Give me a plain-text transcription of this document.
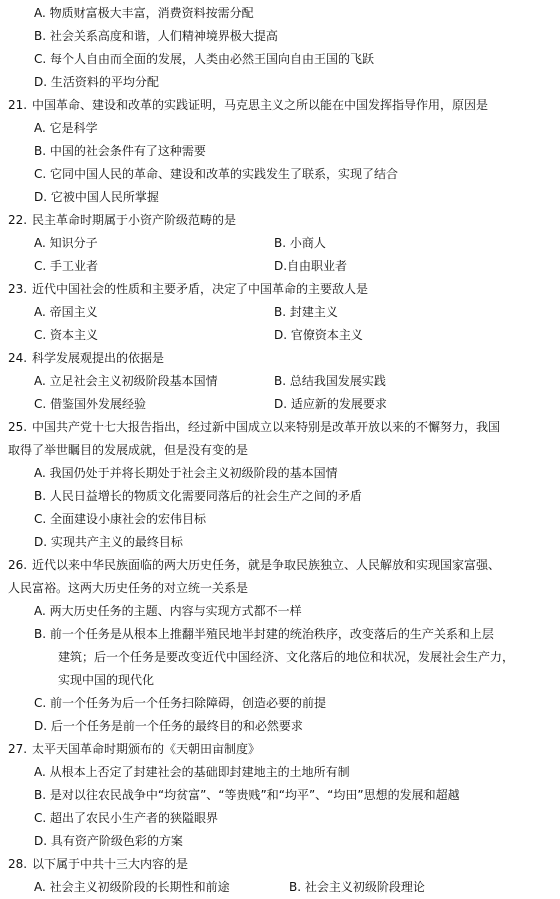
A. 物质财富极大丰富，消费资料按需分配
B. 社会关系高度和谐，人们精神境界极大提高
C. 每个人自由而全面的发展，人类由必然王国向自由王国的飞跃
D. 生活资料的平均分配
21. 中国革命、建设和改革的实践证明，马克思主义之所以能在中国发挥指导作用，原因是
A. 它是科学
B. 中国的社会条件有了这种需要
C. 它同中国人民的革命、建设和改革的实践发生了联系，实现了结合
D. 它被中国人民所掌握
22. 民主革命时期属于小资产阶级范畴的是
A. 知识分子	B. 小商人
C. 手工业者	D.自由职业者
23. 近代中国社会的性质和主要矛盾，决定了中国革命的主要敌人是
A. 帝国主义	B. 封建主义
C. 资本主义	D. 官僚资本主义
24. 科学发展观提出的依据是
A. 立足社会主义初级阶段基本国情	B. 总结我国发展实践
C. 借鉴国外发展经验	D. 适应新的发展要求
25. 中国共产党十七大报告指出，经过新中国成立以来特别是改革开放以来的不懈努力，我国
取得了举世瞩目的发展成就，但是没有变的是
A. 我国仍处于并将长期处于社会主义初级阶段的基本国情
B. 人民日益增长的物质文化需要同落后的社会生产之间的矛盾
C. 全面建设小康社会的宏伟目标
D. 实现共产主义的最终目标
26. 近代以来中华民族面临的两大历史任务，就是争取民族独立、人民解放和实现国家富强、
人民富裕。这两大历史任务的对立统一关系是
A. 两大历史任务的主题、内容与实现方式都不一样
B. 前一个任务是从根本上推翻半殖民地半封建的统治秩序，改变落后的生产关系和上层
建筑；后一个任务是要改变近代中国经济、文化落后的地位和状况，发展社会生产力，
实现中国的现代化
C. 前一个任务为后一个任务扫除障碍，创造必要的前提
D. 后一个任务是前一个任务的最终目的和必然要求
27. 太平天国革命时期颁布的《天朝田亩制度》
A. 从根本上否定了封建社会的基础即封建地主的土地所有制
B. 是对以往农民战争中“均贫富”、“等贵贱”和“均平”、“均田”思想的发展和超越
C. 超出了农民小生产者的狭隘眼界
D. 具有资产阶级色彩的方案
28. 以下属于中共十三大内容的是
A. 社会主义初级阶段的长期性和前途	B. 社会主义初级阶段理论
